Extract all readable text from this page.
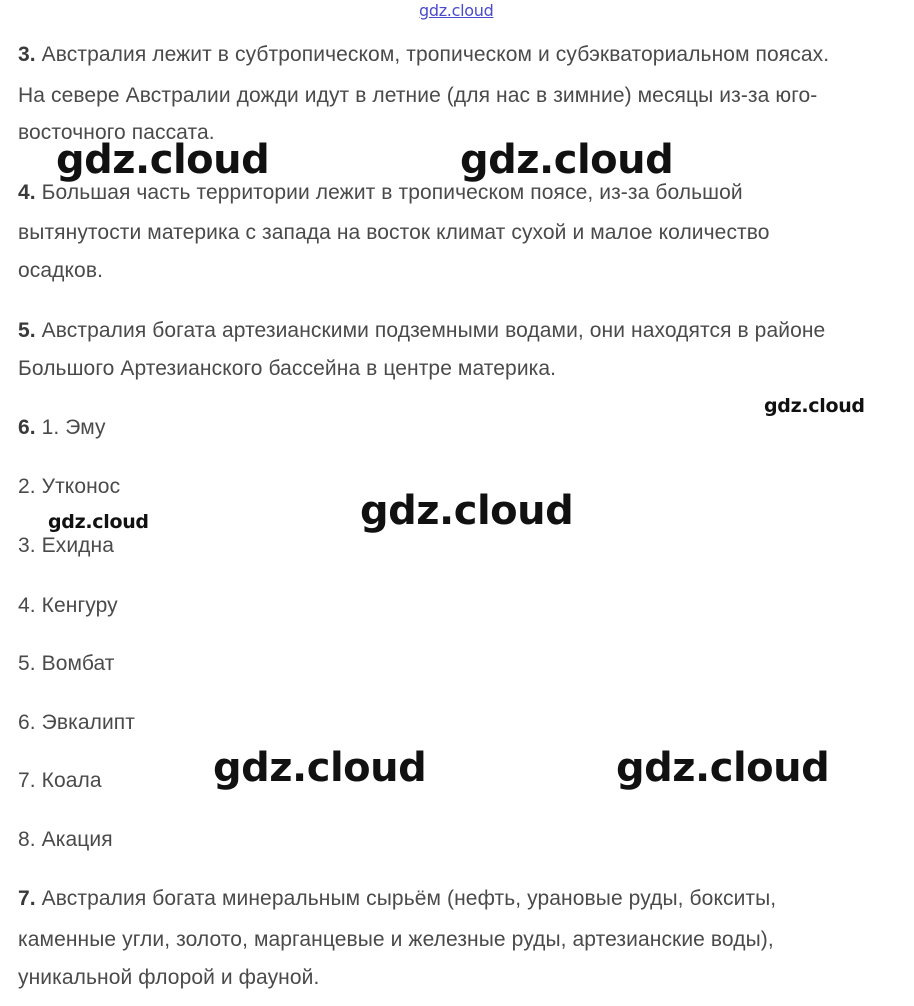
gdz.cloud
3. Австралия лежит в субтропическом, тропическом и субэкваториальном поясах.
На севере Австралии дожди идут в летние (для нас в зимние) месяцы из-за юго-
восточного пассата.
gdz.cloud	gdz.cloud
4. Большая часть территории лежит в тропическом поясе, из-за большой
вытянутости материка с запада на восток климат сухой и малое количество
осадков.
5. Австралия богата артезианскими подземными водами, они находятся в районе
Большого Артезианского бассейна в центре материка.
gdz.cloud
6. 1. Эму
2. Утконос
gdz.cloud
gdz.cloud
3. Ехидна
4. Кенгуру
5. Вомбат
6. Эвкалипт
gdz.cloud	gdz.cloud
7. Коала
8. Акация
7. Австралия богата минеральным сырьём (нефть, урановые руды, бокситы,
каменные угли, золото, марганцевые и железные руды, артезианские воды),
уникальной флорой и фауной.
